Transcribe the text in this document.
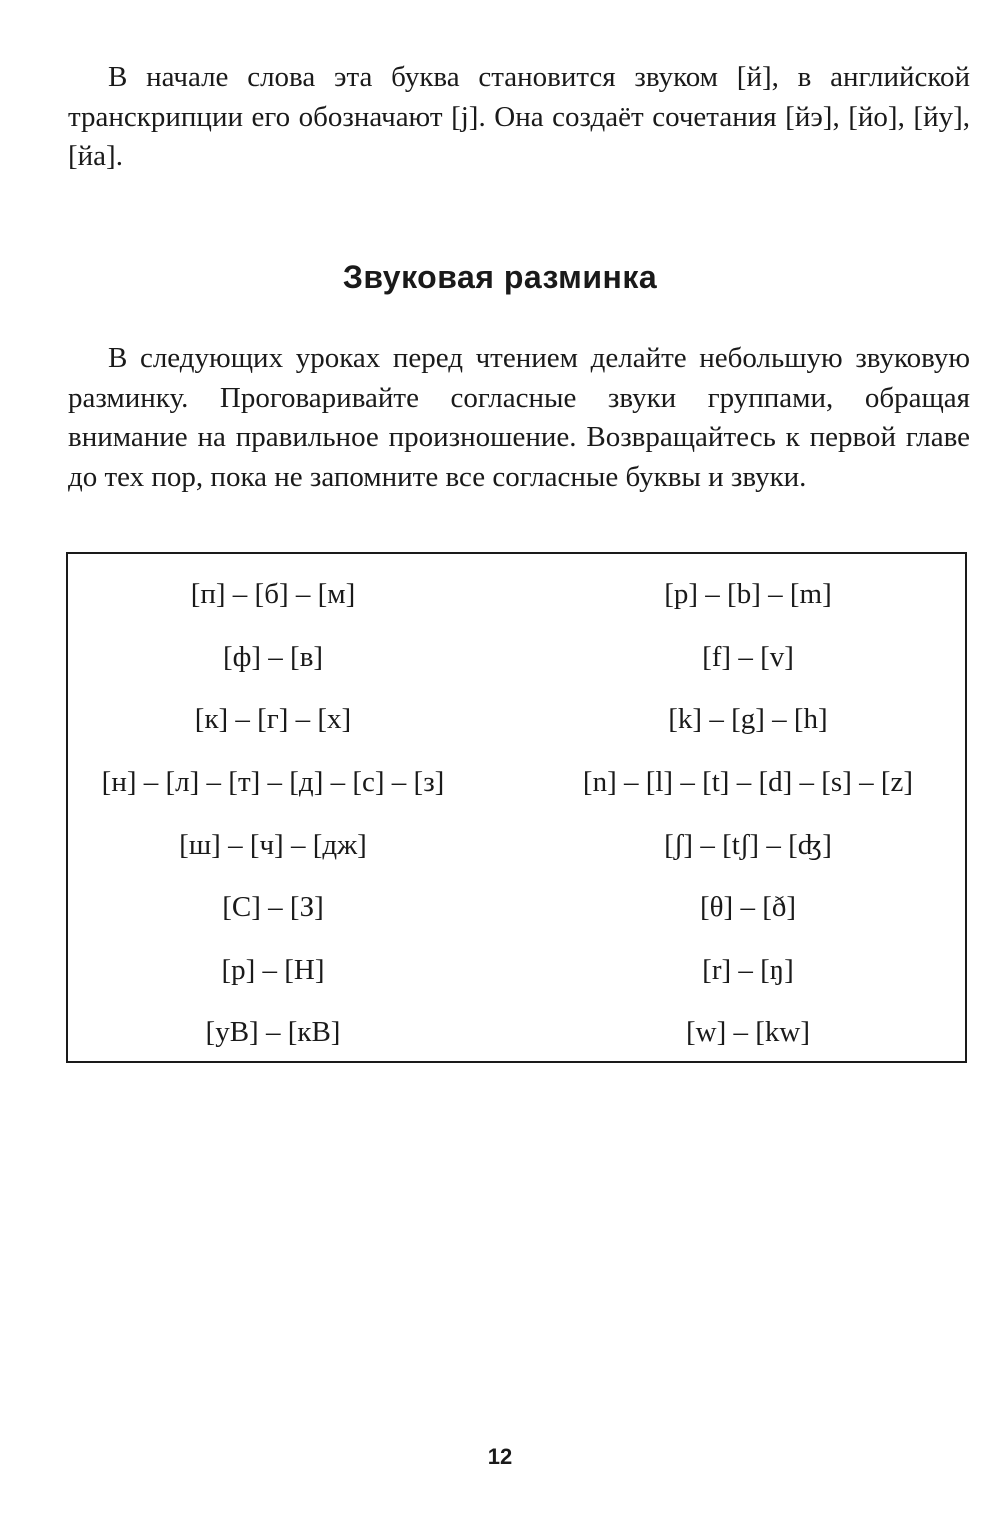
В начале слова эта буква становится звуком [й], в английской транскрипции его обозначают [j]. Она создаёт сочетания [йэ], [йо], [йу], [йа].

Звуковая разминка

В следующих уроках перед чтением делайте небольшую звуковую разминку. Проговаривайте согласные звуки группами, обращая внимание на правильное произношение. Возвращайтесь к первой главе до тех пор, пока не запомните все согласные буквы и звуки.

[п] – [б] – [м]	[p] – [b] – [m]
[ф] – [в]	[f] – [v]
[к] – [г] – [х]	[k] – [g] – [h]
[н] – [л] – [т] – [д] – [с] – [з]	[n] – [l] – [t] – [d] – [s] – [z]
[ш] – [ч] – [дж]	[ʃ] – [tʃ] – [ʤ]
[С] – [З]	[θ] – [ð]
[р] – [Н]	[r] – [ŋ]
[уВ] – [кВ]	[w] – [kw]
12
